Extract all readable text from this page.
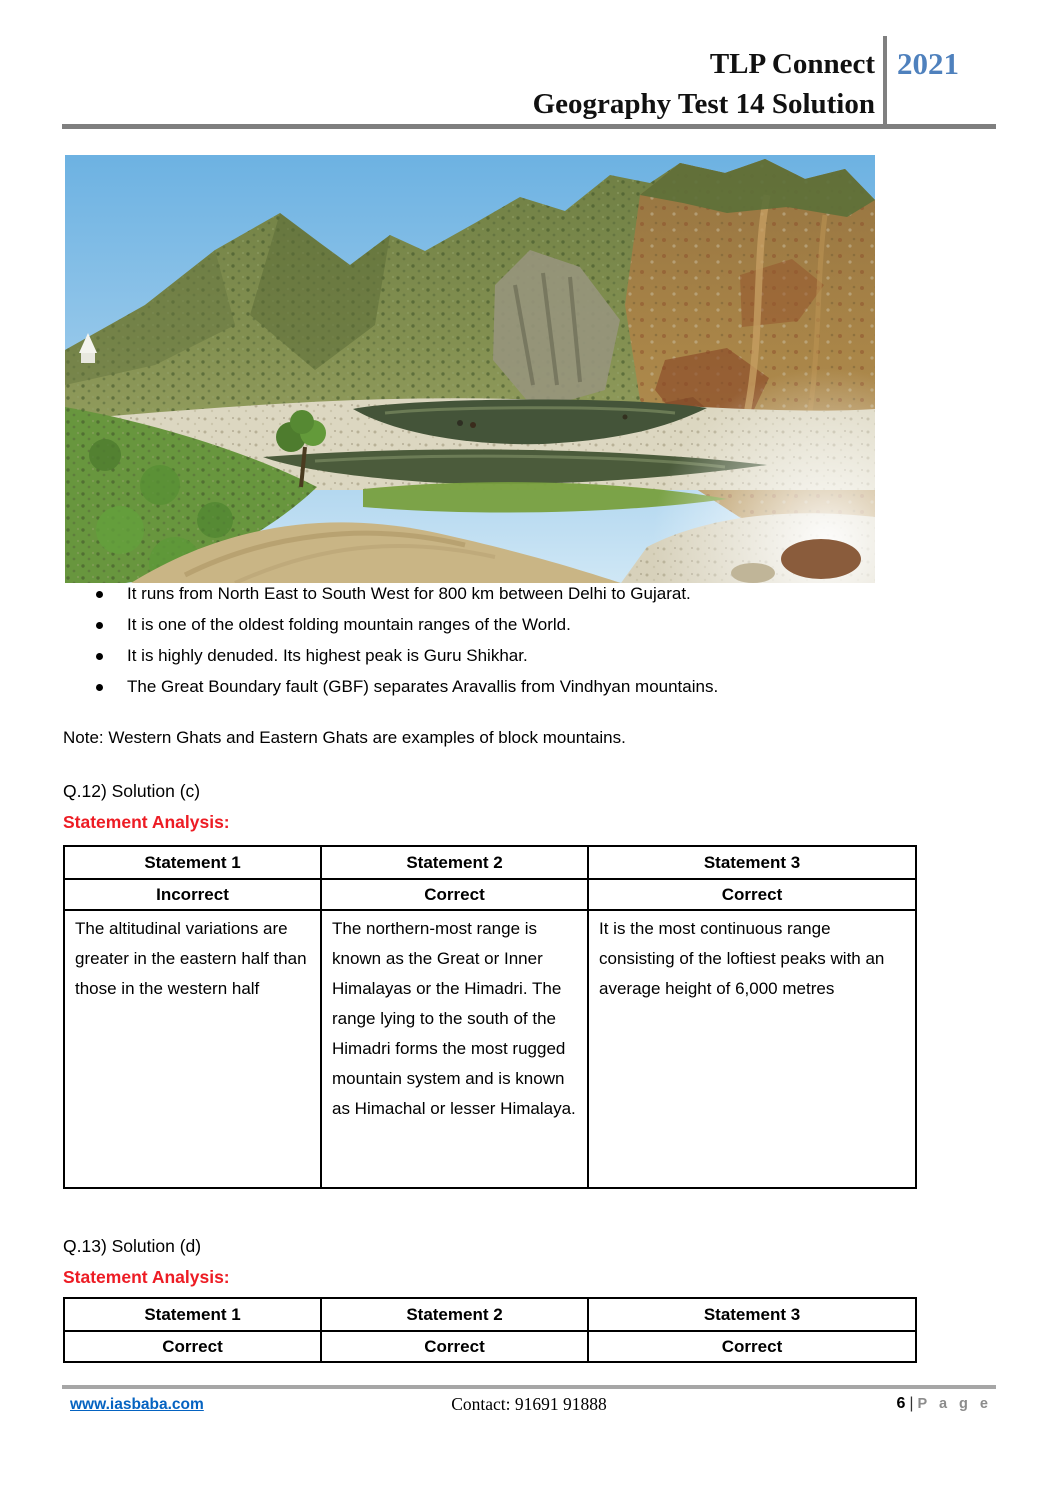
TLP Connect
Geography Test 14 Solution
2021
It runs from North East to South West for 800 km between Delhi to Gujarat.
It is one of the oldest folding mountain ranges of the World.
It is highly denuded. Its highest peak is Guru Shikhar.
The Great Boundary fault (GBF) separates Aravallis from Vindhyan mountains.
Note: Western Ghats and Eastern Ghats are examples of block mountains.
Q.12) Solution (c)
Statement Analysis:
Statement 1	Statement 2	Statement 3
Incorrect	Correct	Correct
The altitudinal variations are greater in the eastern half than those in the western half	The northern-most range is known as the Great or Inner Himalayas or the Himadri. The range lying to the south of the Himadri forms the most rugged mountain system and is known as Himachal or lesser Himalaya.	It is the most continuous range consisting of the loftiest peaks with an average height of 6,000 metres
Q.13) Solution (d)
Statement Analysis:
Statement 1	Statement 2	Statement 3
Correct	Correct	Correct
www.iasbaba.com	Contact: 91691 91888	6 | P a g e
